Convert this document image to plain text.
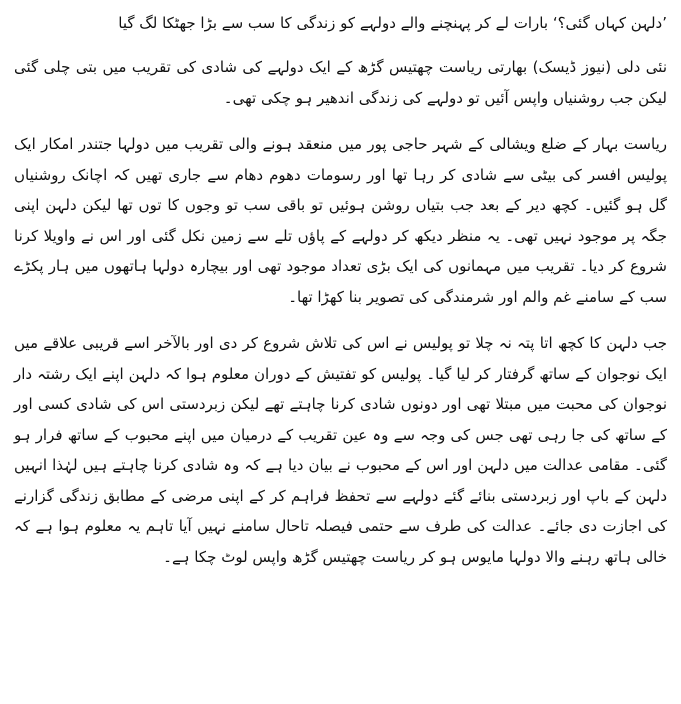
’دلہن کہاں گئی؟‘ بارات لے کر پہنچنے والے دولہے کو زندگی کا سب سے بڑا جھٹکا لگ گیا

نئی دلی (نیوز ڈیسک) بھارتی ریاست چھتیس گڑھ کے ایک دولہے کی شادی کی تقریب میں بتی چلی گئی لیکن جب روشنیاں واپس آئیں تو دولہے کی زندگی اندھیر ہو چکی تھی۔

ریاست بہار کے ضلع ویشالی کے شہر حاجی پور میں منعقد ہونے والی تقریب میں دولہا جتندر امکار ایک پولیس افسر کی بیٹی سے شادی کر رہا تھا اور رسومات دھوم دھام سے جاری تھیں کہ اچانک روشنیاں گل ہو گئیں۔ کچھ دیر کے بعد جب بتیاں روشن ہوئیں تو باقی سب تو وجوں کا توں تھا لیکن دلہن اپنی جگہ پر موجود نہیں تھی۔ یہ منظر دیکھ کر دولہے کے پاؤں تلے سے زمین نکل گئی اور اس نے واویلا کرنا شروع کر دیا۔ تقریب میں مہمانوں کی ایک بڑی تعداد موجود تھی اور بیچارہ دولہا ہاتھوں میں ہار پکڑے سب کے سامنے غم والم اور شرمندگی کی تصویر بنا کھڑا تھا۔

جب دلہن کا کچھ اتا پتہ نہ چلا تو پولیس نے اس کی تلاش شروع کر دی اور بالآخر اسے قریبی علاقے میں ایک نوجوان کے ساتھ گرفتار کر لیا گیا۔ پولیس کو تفتیش کے دوران معلوم ہوا کہ دلہن اپنے ایک رشتہ دار نوجوان کی محبت میں مبتلا تھی اور دونوں شادی کرنا چاہتے تھے لیکن زبردستی اس کی شادی کسی اور کے ساتھ کی جا رہی تھی جس کی وجہ سے وہ عین تقریب کے درمیان میں اپنے محبوب کے ساتھ فرار ہو گئی۔ مقامی عدالت میں دلہن اور اس کے محبوب نے بیان دیا ہے کہ وہ شادی کرنا چاہتے ہیں لہٰذا انہیں دلہن کے باپ اور زبردستی بنائے گئے دولہے سے تحفظ فراہم کر کے اپنی مرضی کے مطابق زندگی گزارنے کی اجازت دی جائے۔ عدالت کی طرف سے حتمی فیصلہ تاحال سامنے نہیں آیا تاہم یہ معلوم ہوا ہے کہ خالی ہاتھ رہنے والا دولہا مایوس ہو کر ریاست چھتیس گڑھ واپس لوٹ چکا ہے۔
